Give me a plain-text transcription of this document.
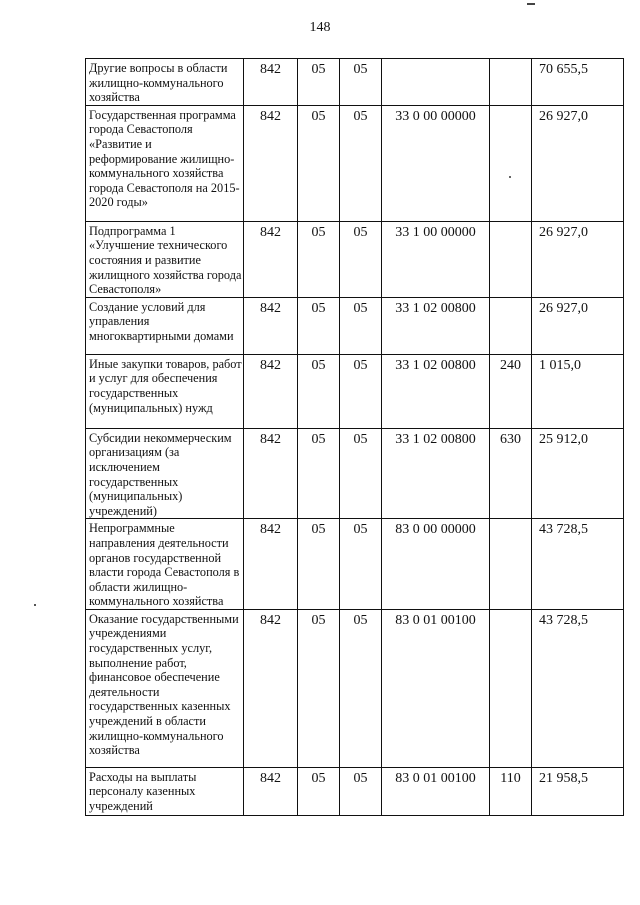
148
Другие вопросы в области жилищно-коммунального хозяйства	842	05	05			70 655,5
Государственная программа города Севастополя «Развитие и реформирование жилищно-коммунального хозяйства города Севастополя на 2015-2020 годы»	842	05	05	33 0 00 00000		26 927,0
Подпрограмма 1 «Улучшение технического состояния и развитие жилищного хозяйства города Севастополя»	842	05	05	33 1 00 00000		26 927,0
Создание условий для управления многоквартирными домами	842	05	05	33 1 02 00800		26 927,0
Иные закупки товаров, работ и услуг для обеспечения государственных (муниципальных) нужд	842	05	05	33 1 02 00800	240	1 015,0
Субсидии некоммерческим организациям (за исключением государственных (муниципальных) учреждений)	842	05	05	33 1 02 00800	630	25 912,0
Непрограммные направления деятельности органов государственной власти города Севастополя в области жилищно-коммунального хозяйства	842	05	05	83 0 00 00000		43 728,5
Оказание государственными учреждениями государственных услуг, выполнение работ, финансовое обеспечение деятельности государственных казенных учреждений в области жилищно-коммунального хозяйства	842	05	05	83 0 01 00100		43 728,5
Расходы на выплаты персоналу казенных учреждений	842	05	05	83 0 01 00100	110	21 958,5
